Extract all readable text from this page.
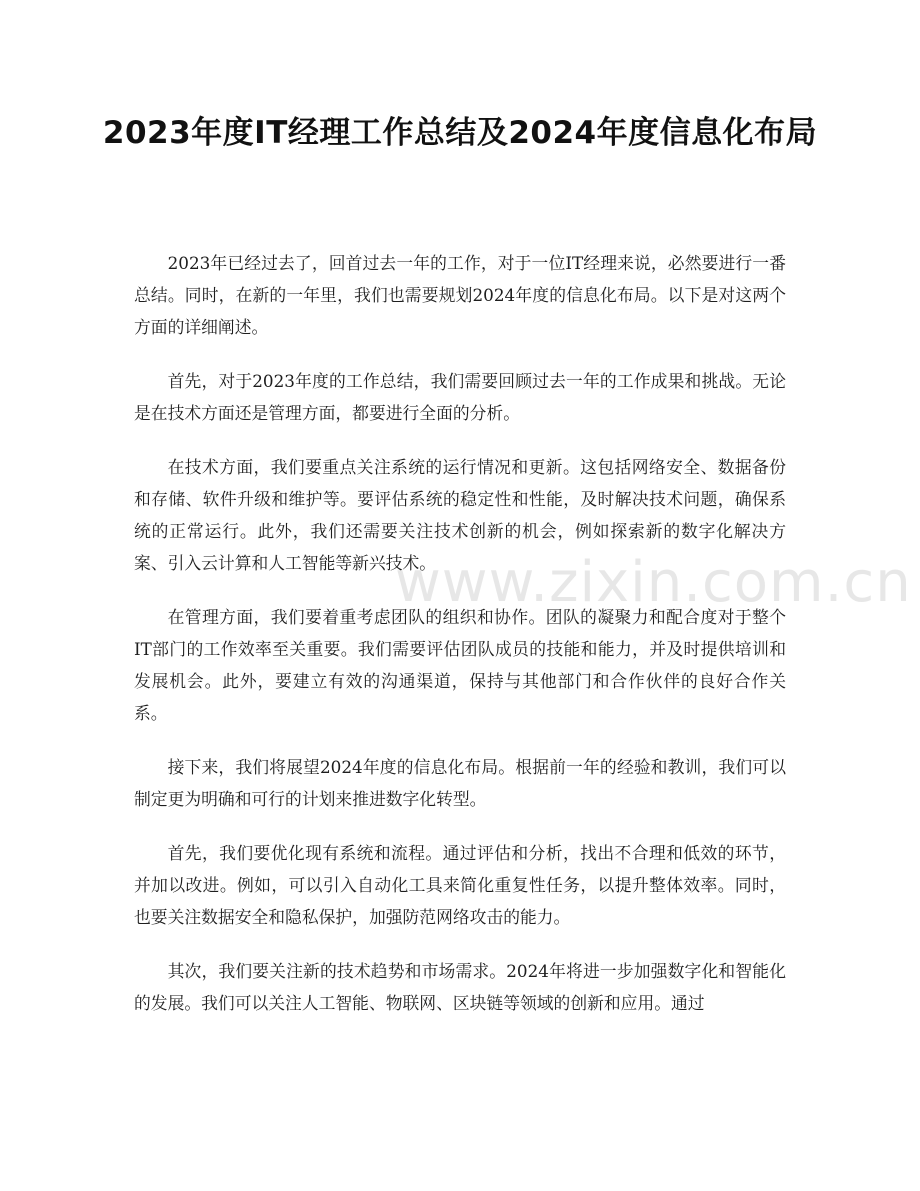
2023年度IT经理工作总结及2024年度信息化布局

2023年已经过去了，回首过去一年的工作，对于一位IT经理来说，必然要进行一番总结。同时，在新的一年里，我们也需要规划2024年度的信息化布局。以下是对这两个方面的详细阐述。

首先，对于2023年度的工作总结，我们需要回顾过去一年的工作成果和挑战。无论是在技术方面还是管理方面，都要进行全面的分析。

在技术方面，我们要重点关注系统的运行情况和更新。这包括网络安全、数据备份和存储、软件升级和维护等。要评估系统的稳定性和性能，及时解决技术问题，确保系统的正常运行。此外，我们还需要关注技术创新的机会，例如探索新的数字化解决方案、引入云计算和人工智能等新兴技术。

在管理方面，我们要着重考虑团队的组织和协作。团队的凝聚力和配合度对于整个IT部门的工作效率至关重要。我们需要评估团队成员的技能和能力，并及时提供培训和发展机会。此外，要建立有效的沟通渠道，保持与其他部门和合作伙伴的良好合作关系。

接下来，我们将展望2024年度的信息化布局。根据前一年的经验和教训，我们可以制定更为明确和可行的计划来推进数字化转型。

首先，我们要优化现有系统和流程。通过评估和分析，找出不合理和低效的环节，并加以改进。例如，可以引入自动化工具来简化重复性任务，以提升整体效率。同时，也要关注数据安全和隐私保护，加强防范网络攻击的能力。

其次，我们要关注新的技术趋势和市场需求。2024年将进一步加强数字化和智能化的发展。我们可以关注人工智能、物联网、区块链等领域的创新和应用。通过

www.zixin.com.cn
